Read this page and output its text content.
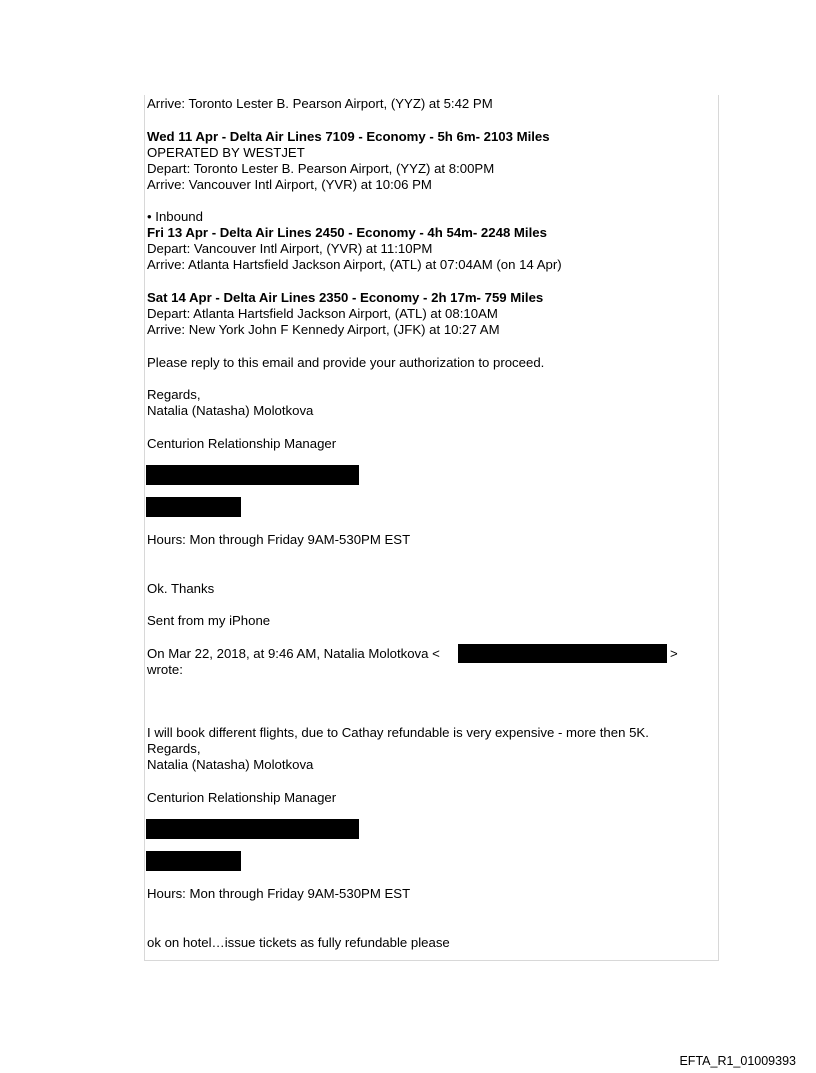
Arrive: Toronto Lester B. Pearson Airport, (YYZ) at 5:42 PM
Wed 11 Apr - Delta Air Lines 7109 - Economy - 5h 6m- 2103 Miles
OPERATED BY WESTJET
Depart: Toronto Lester B. Pearson Airport, (YYZ) at 8:00PM
Arrive: Vancouver Intl Airport, (YVR) at 10:06 PM
• Inbound
Fri 13 Apr - Delta Air Lines 2450 - Economy - 4h 54m- 2248 Miles
Depart: Vancouver Intl Airport, (YVR) at 11:10PM
Arrive: Atlanta Hartsfield Jackson Airport, (ATL) at 07:04AM (on 14 Apr)
Sat 14 Apr - Delta Air Lines 2350 - Economy - 2h 17m- 759 Miles
Depart: Atlanta Hartsfield Jackson Airport, (ATL) at 08:10AM
Arrive: New York John F Kennedy Airport, (JFK) at 10:27 AM
Please reply to this email and provide your authorization to proceed.
Regards,
Natalia (Natasha) Molotkova
Centurion Relationship Manager
Hours: Mon through Friday 9AM-530PM EST
Ok. Thanks
Sent from my iPhone
On Mar 22, 2018, at 9:46 AM, Natalia Molotkova <	>
wrote:
I will book different flights, due to Cathay refundable is very expensive - more then 5K.
Regards,
Natalia (Natasha) Molotkova
Centurion Relationship Manager
Hours: Mon through Friday 9AM-530PM EST
ok on hotel…issue tickets as fully refundable please
EFTA_R1_01009393
